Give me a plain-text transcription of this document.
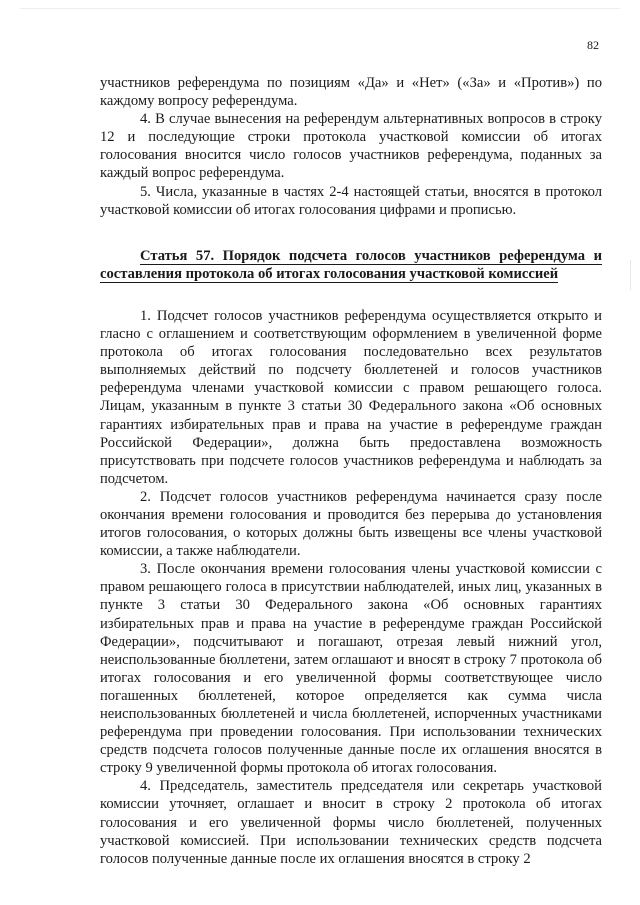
82

участников референдума по позициям «Да» и «Нет» («За» и «Против») по каждому вопросу референдума.

4. В случае вынесения на референдум альтернативных вопросов в строку 12 и последующие строки протокола участковой комиссии об итогах голосования вносится число голосов участников референдума, поданных за каждый вопрос референдума.

5. Числа, указанные в частях 2-4 настоящей статьи, вносятся в протокол участковой комиссии об итогах голосования цифрами и прописью.

Статья 57. Порядок подсчета голосов участников референдума и составления протокола об итогах голосования участковой комиссией

1. Подсчет голосов участников референдума осуществляется открыто и гласно с оглашением и соответствующим оформлением в увеличенной форме протокола об итогах голосования последовательно всех результатов выполняемых действий по подсчету бюллетеней и голосов участников референдума членами участковой комиссии с правом решающего голоса. Лицам, указанным в пункте 3 статьи 30 Федерального закона «Об основных гарантиях избирательных прав и права на участие в референдуме граждан Российской Федерации», должна быть предоставлена возможность присутствовать при подсчете голосов участников референдума и наблюдать за подсчетом.

2. Подсчет голосов участников референдума начинается сразу после окончания времени голосования и проводится без перерыва до установления итогов голосования, о которых должны быть извещены все члены участковой комиссии, а также наблюдатели.

3. После окончания времени голосования члены участковой комиссии с правом решающего голоса в присутствии наблюдателей, иных лиц, указанных в пункте 3 статьи 30 Федерального закона «Об основных гарантиях избирательных прав и права на участие в референдуме граждан Российской Федерации», подсчитывают и погашают, отрезая левый нижний угол, неиспользованные бюллетени, затем оглашают и вносят в строку 7 протокола об итогах голосования и его увеличенной формы соответствующее число погашенных бюллетеней, которое определяется как сумма числа неиспользованных бюллетеней и числа бюллетеней, испорченных участниками референдума при проведении голосования. При использовании технических средств подсчета голосов полученные данные после их оглашения вносятся в строку 9 увеличенной формы протокола об итогах голосования.

4. Председатель, заместитель председателя или секретарь участковой комиссии уточняет, оглашает и вносит в строку 2 протокола об итогах голосования и его увеличенной формы число бюллетеней, полученных участковой комиссией. При использовании технических средств подсчета голосов полученные данные после их оглашения вносятся в строку 2
